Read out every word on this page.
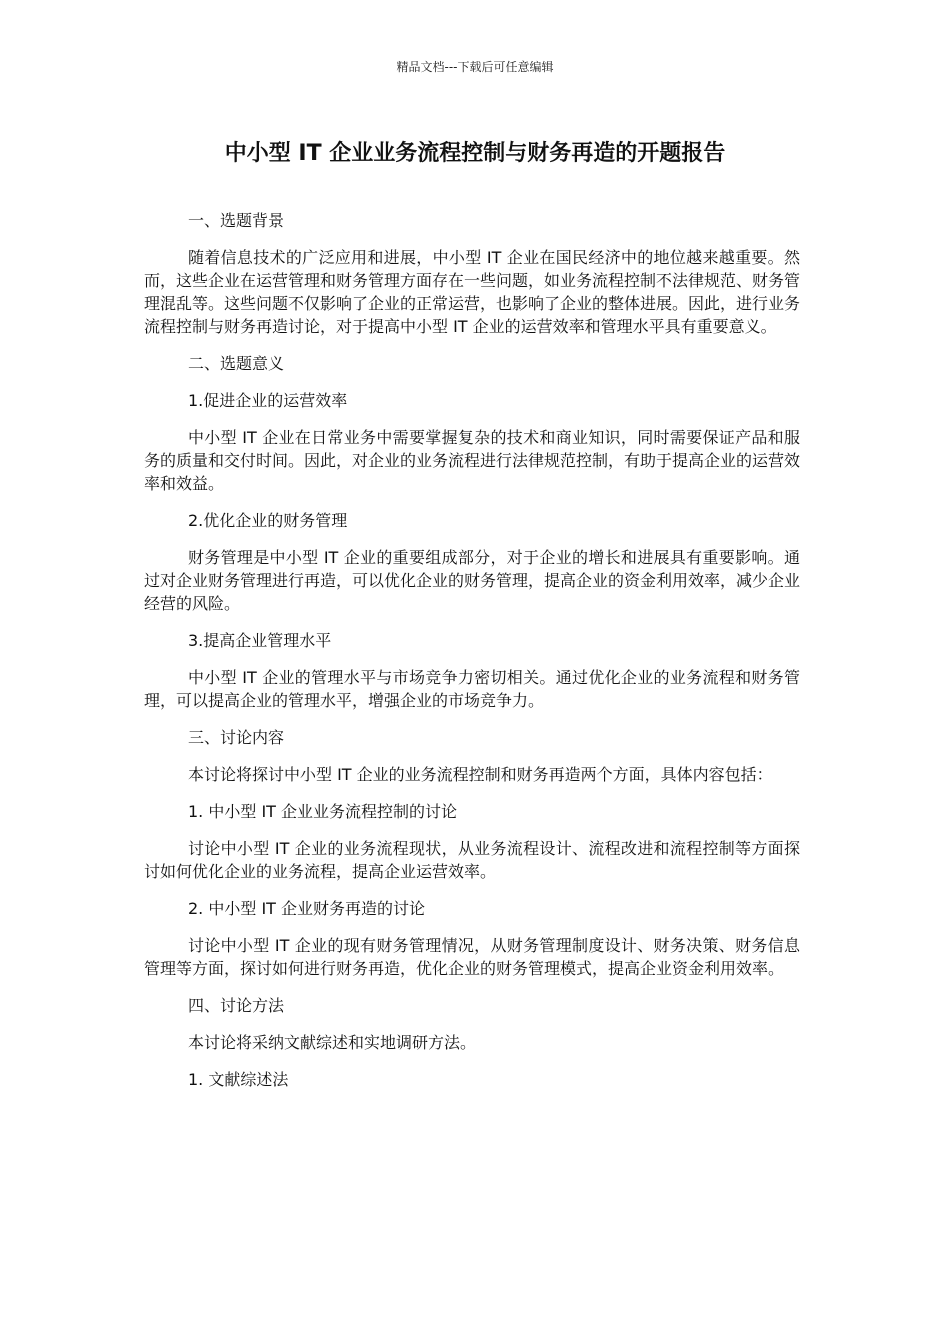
精品文档---下载后可任意编辑
中小型 IT 企业业务流程控制与财务再造的开题报告

一、选题背景

随着信息技术的广泛应用和进展，中小型 IT 企业在国民经济中的地位越来越重要。然而，这些企业在运营管理和财务管理方面存在一些问题，如业务流程控制不法律规范、财务管理混乱等。这些问题不仅影响了企业的正常运营，也影响了企业的整体进展。因此，进行业务流程控制与财务再造讨论，对于提高中小型 IT 企业的运营效率和管理水平具有重要意义。

二、选题意义

1.促进企业的运营效率

中小型 IT 企业在日常业务中需要掌握复杂的技术和商业知识，同时需要保证产品和服务的质量和交付时间。因此，对企业的业务流程进行法律规范控制，有助于提高企业的运营效率和效益。

2.优化企业的财务管理

财务管理是中小型 IT 企业的重要组成部分，对于企业的增长和进展具有重要影响。通过对企业财务管理进行再造，可以优化企业的财务管理，提高企业的资金利用效率，减少企业经营的风险。

3.提高企业管理水平

中小型 IT 企业的管理水平与市场竞争力密切相关。通过优化企业的业务流程和财务管理，可以提高企业的管理水平，增强企业的市场竞争力。

三、讨论内容

本讨论将探讨中小型 IT 企业的业务流程控制和财务再造两个方面，具体内容包括：

1. 中小型 IT 企业业务流程控制的讨论

讨论中小型 IT 企业的业务流程现状，从业务流程设计、流程改进和流程控制等方面探讨如何优化企业的业务流程，提高企业运营效率。

2. 中小型 IT 企业财务再造的讨论

讨论中小型 IT 企业的现有财务管理情况，从财务管理制度设计、财务决策、财务信息管理等方面，探讨如何进行财务再造，优化企业的财务管理模式，提高企业资金利用效率。

四、讨论方法

本讨论将采纳文献综述和实地调研方法。

1. 文献综述法
